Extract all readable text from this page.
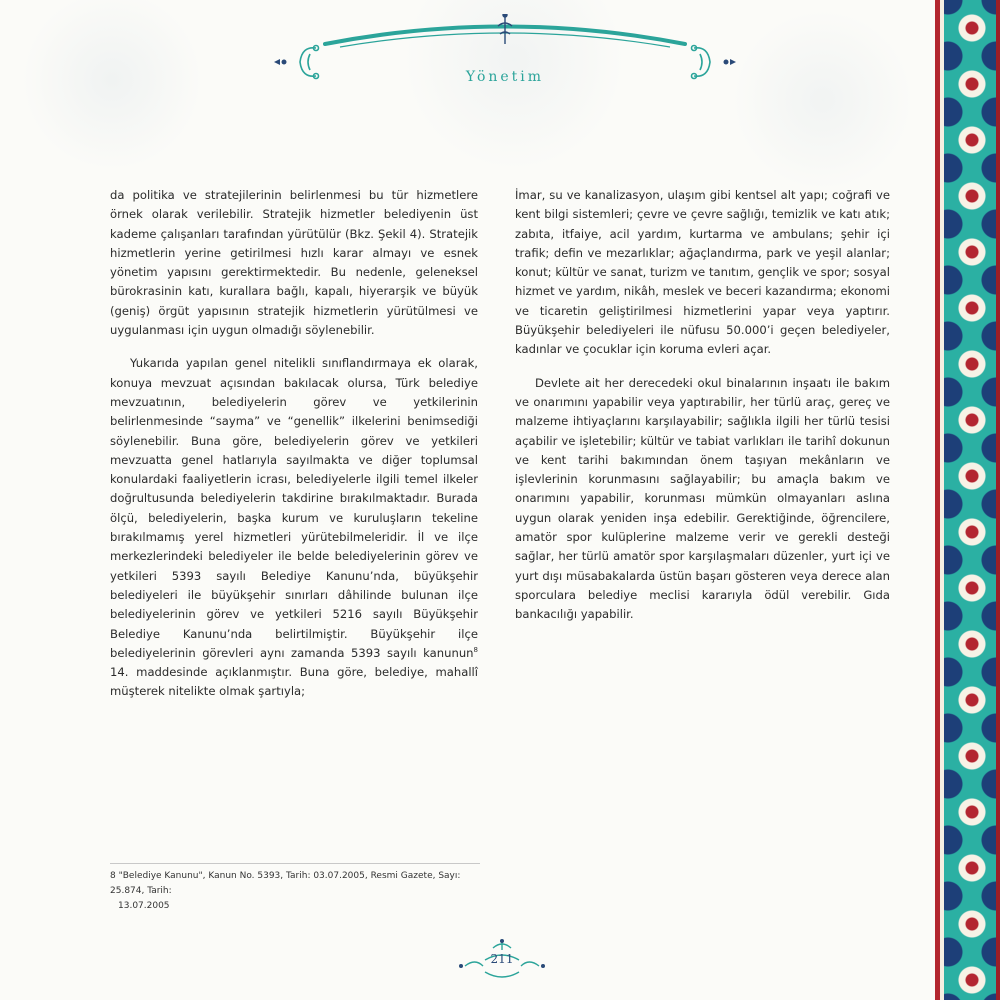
Yönetim

da politika ve stratejilerinin belirlenmesi bu tür hizmetlere örnek olarak verilebilir. Stratejik hizmetler belediyenin üst kademe çalışanları tarafından yürütülür (Bkz. Şekil 4). Stratejik hizmetlerin yerine getirilmesi hızlı karar almayı ve esnek yönetim yapısını gerektirmektedir. Bu nedenle, geleneksel bürokrasinin katı, kurallara bağlı, kapalı, hiyerarşik ve büyük (geniş) örgüt yapısının stratejik hizmetlerin yürütülmesi ve uygulanması için uygun olmadığı söylenebilir.

Yukarıda yapılan genel nitelikli sınıflandırmaya ek olarak, konuya mevzuat açısından bakılacak olursa, Türk belediye mevzuatının, belediyelerin görev ve yetkilerinin belirlenmesinde “sayma” ve “genellik” ilkelerini benimsediği söylenebilir. Buna göre, belediyelerin görev ve yetkileri mevzuatta genel hatlarıyla sayılmakta ve diğer toplumsal konulardaki faaliyetlerin icrası, belediyelerle ilgili temel ilkeler doğrultusunda belediyelerin takdirine bırakılmaktadır. Burada ölçü, belediyelerin, başka kurum ve kuruluşların tekeline bırakılmamış yerel hizmetleri yürütebilmeleridir. İl ve ilçe merkezlerindeki belediyeler ile belde belediyelerinin görev ve yetkileri 5393 sayılı Belediye Kanunu’nda, büyükşehir belediyeleri ile büyükşehir sınırları dâhilinde bulunan ilçe belediyelerinin görev ve yetkileri 5216 sayılı Büyükşehir Belediye Kanunu’nda belirtilmiştir. Büyükşehir ilçe belediyelerinin görevleri aynı zamanda 5393 sayılı kanunun$^8$ 14. maddesinde açıklanmıştır. Buna göre, belediye, mahallî müşterek nitelikte olmak şartıyla;

İmar, su ve kanalizasyon, ulaşım gibi kentsel alt yapı; coğrafi ve kent bilgi sistemleri; çevre ve çevre sağlığı, temizlik ve katı atık; zabıta, itfaiye, acil yardım, kurtarma ve ambulans; şehir içi trafik; defin ve mezarlıklar; ağaçlandırma, park ve yeşil alanlar; konut; kültür ve sanat, turizm ve tanıtım, gençlik ve spor; sosyal hizmet ve yardım, nikâh, meslek ve beceri kazandırma; ekonomi ve ticaretin geliştirilmesi hizmetlerini yapar veya yaptırır. Büyükşehir belediyeleri ile nüfusu 50.000’i geçen belediyeler, kadınlar ve çocuklar için koruma evleri açar.

Devlete ait her derecedeki okul binalarının inşaatı ile bakım ve onarımını yapabilir veya yaptırabilir, her türlü araç, gereç ve malzeme ihtiyaçlarını karşılayabilir; sağlıkla ilgili her türlü tesisi açabilir ve işletebilir; kültür ve tabiat varlıkları ile tarihî dokunun ve kent tarihi bakımından önem taşıyan mekânların ve işlevlerinin korunmasını sağlayabilir; bu amaçla bakım ve onarımını yapabilir, korunması mümkün olmayanları aslına uygun olarak yeniden inşa edebilir. Gerektiğinde, öğrencilere, amatör spor kulüplerine malzeme verir ve gerekli desteği sağlar, her türlü amatör spor karşılaşmaları düzenler, yurt içi ve yurt dışı müsabakalarda üstün başarı gösteren veya derece alan sporculara belediye meclisi kararıyla ödül verebilir. Gıda bankacılığı yapabilir.

8 "Belediye Kanunu", Kanun No. 5393, Tarih: 03.07.2005, Resmi Gazete, Sayı: 25.874, Tarih:
13.07.2005
211
